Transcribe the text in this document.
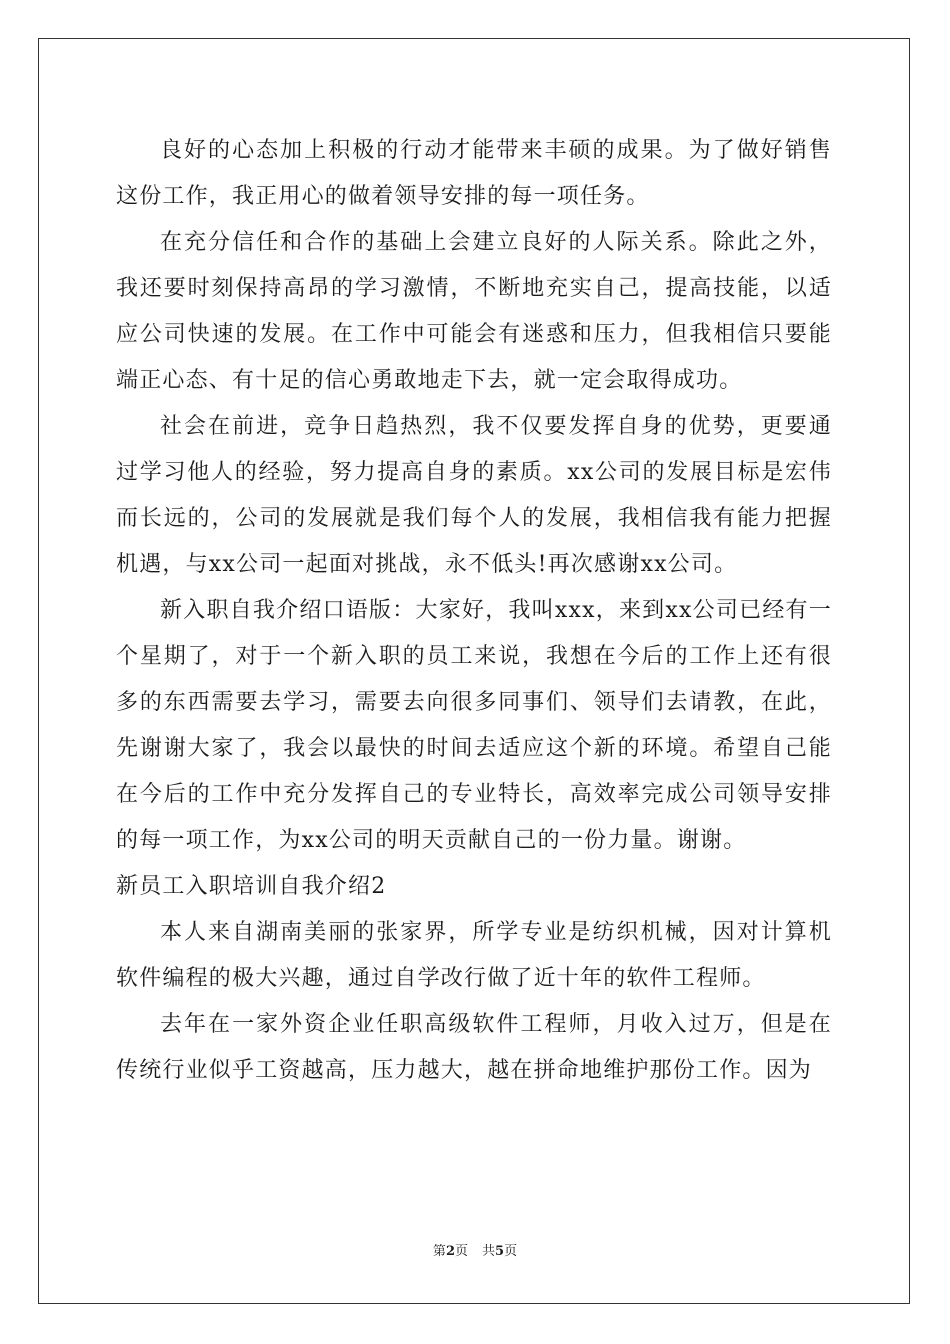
良好的心态加上积极的行动才能带来丰硕的成果。为了做好销售这份工作，我正用心的做着领导安排的每一项任务。

在充分信任和合作的基础上会建立良好的人际关系。除此之外，我还要时刻保持高昂的学习激情，不断地充实自己，提高技能，以适应公司快速的发展。在工作中可能会有迷惑和压力，但我相信只要能端正心态、有十足的信心勇敢地走下去，就一定会取得成功。

社会在前进，竞争日趋热烈，我不仅要发挥自身的优势，更要通过学习他人的经验，努力提高自身的素质。xx公司的发展目标是宏伟而长远的，公司的发展就是我们每个人的发展，我相信我有能力把握机遇，与xx公司一起面对挑战，永不低头!再次感谢xx公司。

新入职自我介绍口语版：大家好，我叫xxx，来到xx公司已经有一个星期了，对于一个新入职的员工来说，我想在今后的工作上还有很多的东西需要去学习，需要去向很多同事们、领导们去请教，在此，先谢谢大家了，我会以最快的时间去适应这个新的环境。希望自己能在今后的工作中充分发挥自己的专业特长，高效率完成公司领导安排的每一项工作，为xx公司的明天贡献自己的一份力量。谢谢。

新员工入职培训自我介绍2

本人来自湖南美丽的张家界，所学专业是纺织机械，因对计算机软件编程的极大兴趣，通过自学改行做了近十年的软件工程师。

去年在一家外资企业任职高级软件工程师，月收入过万，但是在传统行业似乎工资越高，压力越大，越在拼命地维护那份工作。因为

第2页 共5页
